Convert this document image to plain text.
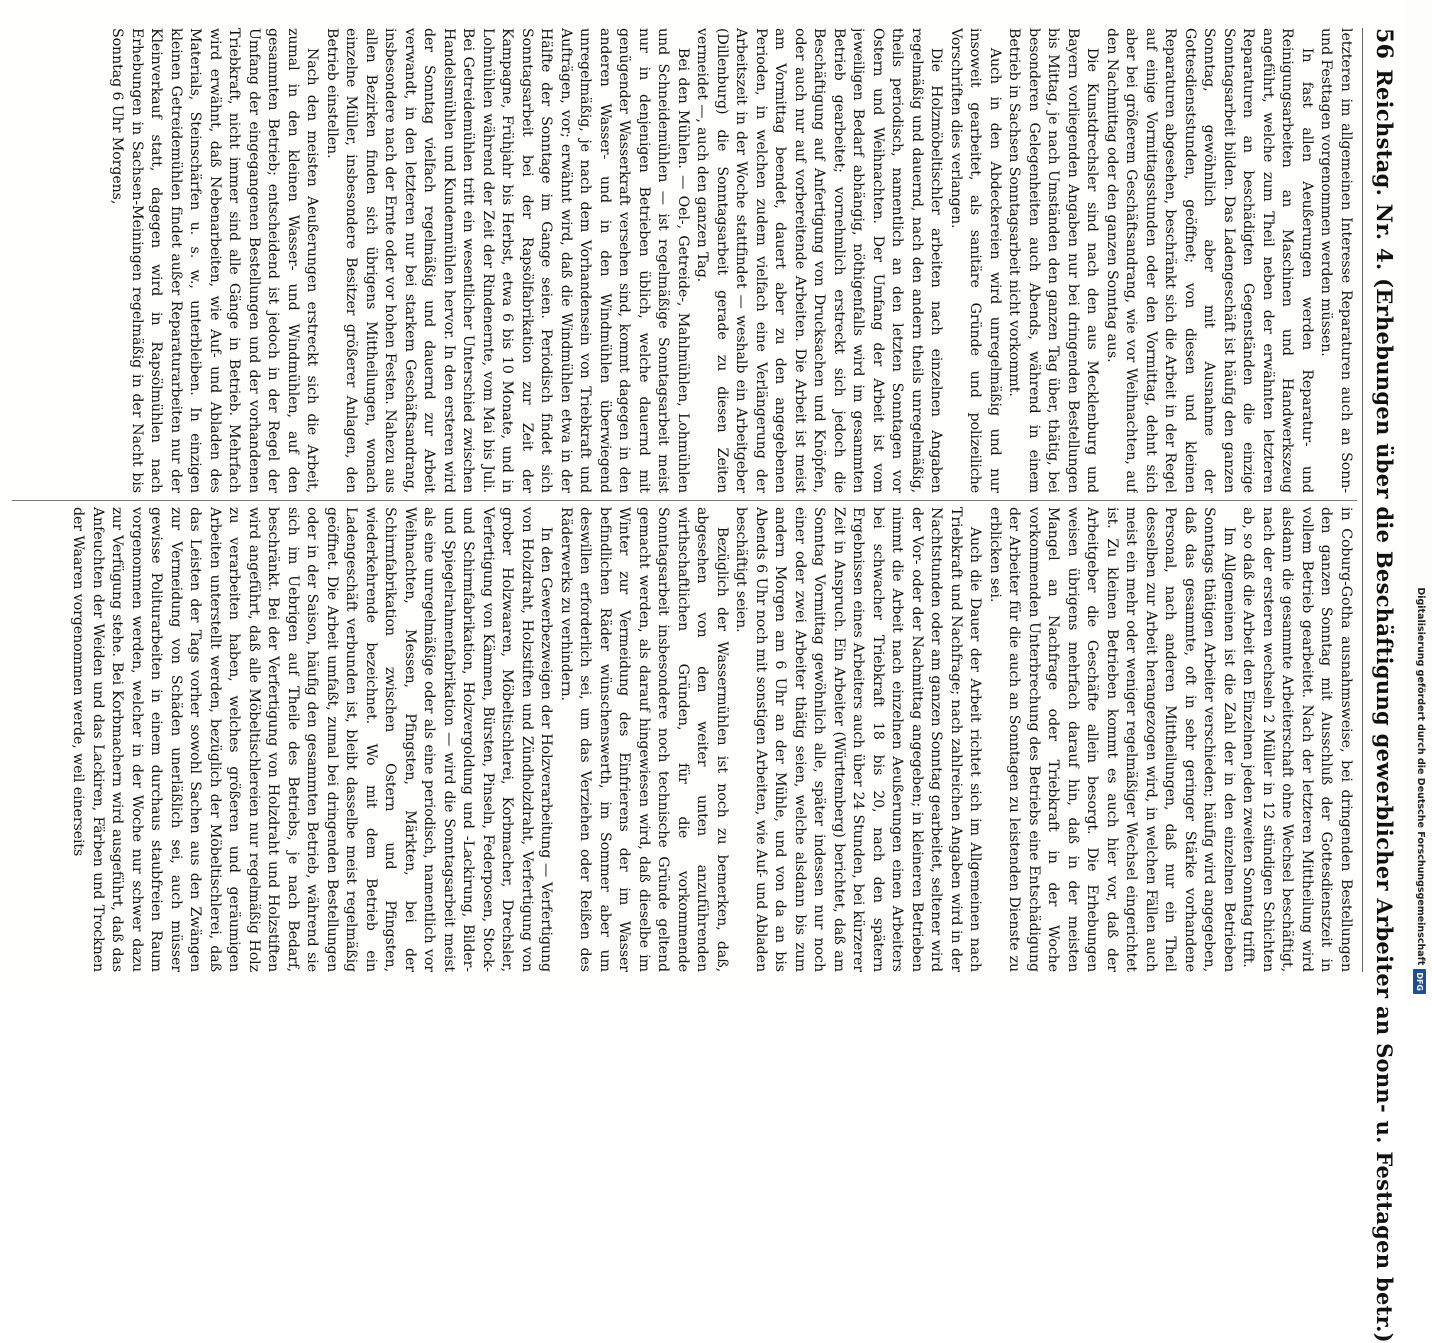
56
Reichstag. Nr. 4. (Erhebungen über die Beschäftigung gewerblicher Arbeiter an Sonn- u. Festtagen betr.)

letzteren im allgemeinen Interesse Reparaturen auch an Sonn- und Festtagen vorgenommen werden müssen.

In fast allen Aeußerungen werden Reparatur- und Reinigungsarbeiten an Maschinen und Handwerkszeug angeführt, welche zum Theil neben der erwähnten letzteren Reparaturen an beschädigten Gegenständen die einzige Sonntagsarbeit bilden. Das Ladengeschäft ist häufig den ganzen Sonntag, gewöhnlich aber mit Ausnahme der Gottesdienststunden, geöffnet; von diesen und kleinen Reparaturen abgesehen, beschränkt sich die Arbeit in der Regel auf einige Vormittagsstunden oder den Vormittag, dehnt sich aber bei größerem Geschäftsandrang, wie vor Weihnachten, auf den Nachmittag oder den ganzen Sonntag aus.

Die Kunstdrechsler sind nach den aus Mecklenburg und Bayern vorliegenden Angaben nur bei dringenden Bestellungen bis Mittag, je nach Umständen den ganzen Tag über, thätig, bei besonderen Gelegenheiten auch Abends, während in einem Betrieb in Sachsen Sonntagsarbeit nicht vorkommt.

Auch in den Abdeckereien wird unregelmäßig und nur insoweit gearbeitet, als sanitäre Gründe und polizeiliche Vorschriften dies verlangen.

Die Holzmöbeltischler arbeiten nach einzelnen Angaben regelmäßig und dauernd, nach den andern theils unregelmäßig, theils periodisch, namentlich an den letzten Sonntagen vor Ostern und Weihnachten. Der Umfang der Arbeit ist vom jeweiligen Bedarf abhängig, nöthigenfalls wird im gesammten Betrieb gearbeitet; vornehmlich erstreckt sich jedoch die Beschäftigung auf Anfertigung von Drucksachen und Knöpfen, oder auch nur auf vorbereitende Arbeiten. Die Arbeit ist meist am Vormittag beendet, dauert aber zu den angegebenen Perioden, in welchen zudem vielfach eine Verlängerung der Arbeitszeit in der Woche stattfindet — weshalb ein Arbeitgeber (Dillenburg) die Sonntagsarbeit gerade zu diesen Zeiten vermeidet —, auch den ganzen Tag.

Bei den Mühlen. — Oel-, Getreide-, Mahlmühlen, Lohmühlen und Schneidemühlen — ist regelmäßige Sonntagsarbeit meist nur in denjenigen Betrieben üblich, welche dauernd mit genügender Wasserkraft versehen sind, kommt dagegen in den anderen Wasser- und in den Windmühlen überwiegend unregelmäßig, je nach dem Vorhandensein von Triebkraft und Aufträgen, vor; erwähnt wird, daß die Windmühlen etwa in der Hälfte der Sonntage im Gange seien. Periodisch findet sich Sonntagsarbeit bei der Rapsölfabrikation zur Zeit der Kampagne, Frühjahr bis Herbst, etwa 6 bis 10 Monate, und in Lohmühlen während der Zeit der Rindenernte, vom Mai bis Juli. Bei Getreidemühlen tritt ein wesentlicher Unterschied zwischen Handelsmühlen und Kundenmühlen hervor. In den ersteren wird der Sonntag vielfach regelmäßig und dauernd zur Arbeit verwandt, in den letzteren nur bei starkem Geschäftsandrang, insbesondere nach der Ernte oder vor hohen Festen. Nahezu aus allen Bezirken finden sich übrigens Mittheilungen, wonach einzelne Müller, insbesondere Besitzer größerer Anlagen, den Betrieb einstellen.

Nach den meisten Aeußerungen erstreckt sich die Arbeit, zumal in den kleinen Wasser- und Windmühlen, auf den gesammten Betrieb; entscheidend ist jedoch in der Regel der Umfang der eingegangenen Bestellungen und der vorhandenen Triebkraft, nicht immer sind alle Gänge in Betrieb. Mehrfach wird erwähnt, daß Nebenarbeiten, wie Auf- und Abladen des Materials, Steinschärfen u. s. w., unterbleiben. In einzigen kleinen Getreidemühlen findet außer Reparaturarbeiten nur der Kleinverkauf statt, dagegen wird in Rapsölmühlen nach Erhebungen in Sachsen-Meiningen regelmäßig in der Nacht bis Sonntag 6 Uhr Morgens,

in Coburg-Gotha ausnahmsweise, bei dringenden Bestellungen den ganzen Sonntag mit Ausschluß der Gottesdienstzeit in vollem Betrieb gearbeitet. Nach der letzteren Mittheilung wird alsdann die gesammte Arbeiterschaft ohne Wechsel beschäftigt, nach der ersteren wechseln 2 Müller in 12 stündigen Schichten ab, so daß die Arbeit den Einzelnen jeden zweiten Sonntag trifft.

Im Allgemeinen ist die Zahl der in den einzelnen Betrieben Sonntags thätigen Arbeiter verschieden; häufig wird angegeben, daß das gesammte, oft in sehr geringer Stärke vorhandene Personal, nach anderen Mittheilungen, daß nur ein Theil desselben zur Arbeit herangezogen wird, in welchen Fällen auch meist ein mehr oder weniger regelmäßiger Wechsel eingerichtet ist. Zu kleinen Betrieben kommt es auch hier vor, daß der Arbeitgeber die Geschäfte allein besorgt. Die Erhebungen weisen übrigens mehrfach darauf hin, daß in der meisten Mangel an Nachfrage oder Triebkraft in der Woche vorkommenden Unterbrechung des Betriebs eine Entschädigung der Arbeiter für die auch an Sonntagen zu leistenden Dienste zu erblicken sei.

Auch die Dauer der Arbeit richtet sich im Allgemeinen nach Triebkraft und Nachfrage; nach zahlreichen Angaben wird in der Nachtstunden oder am ganzen Sonntag gearbeitet, seltener wird der Vor- oder der Nachmittag angegeben; in kleineren Betrieben nimmt die Arbeit nach einzelnen Aeußerungen einen Arbeiters bei schwacher Triebkraft 18 bis 20, nach den spätern Ergebnissen eines Arbeiters auch über 24 Stunden, bei kürzerer Zeit in Anspruch. Ein Arbeiter (Württemberg) berichtet, daß am Sonntag Vormittag gewöhnlich alle, später indessen nur noch einer oder zwei Arbeiter thätig seien, welche alsdann bis zum andern Morgen am 6 Uhr an der Mühle, und von da an bis Abends 6 Uhr noch mit sonstigen Arbeiten, wie Auf- und Abladen beschäftigt seien.

Bezüglich der Wassermühlen ist noch zu bemerken, daß, abgesehen von den weiter unten anzuführenden wirthschaftlichen Gründen, für die vorkommende Sonntagsarbeit insbesondere noch technische Gründe geltend gemacht werden, als darauf hingewiesen wird, daß dieselbe im Winter zur Vermeidung des Einfrierens der im Wasser befindlichen Räder wünschenswerth, im Sommer aber um deswillen erforderlich sei, um das Verziehen oder Reißen des Räderwerks zu verhindern.

In den Gewerbezweigen der Holzverarbeitung — Verfertigung von Holzdraht, Holzstiften und Zündholzdraht, Verfertigung von grober Holzwaaren, Möbeltischlerei, Korbmacher, Drechsler, Verfertigung von Kämmen, Bürsten, Pinseln, Federposen, Stock- und Schirmfabrikation, Holzvergoldung und -Lackirung, Bilder- und Spiegelrahmenfabrikation — wird die Sonntagsarbeit meist als eine unregelmäßige oder als eine periodisch, namentlich vor Weihnachten, Messen, Pfingsten, Märkten, bei der Schirmfabrikation zwischen Ostern und Pfingsten, wiederkehrende bezeichnet. Wo mit dem Betrieb ein Ladengeschäft verbunden ist, bleibt dasselbe meist regelmäßig geöffnet. Die Arbeit umfaßt, zumal bei dringenden Bestellungen oder in der Saison, häufig den gesammten Betrieb, während sie sich im Uebrigen auf Theile des Betriebs, je nach Bedarf, beschränkt. Bei der Verfertigung von Holzdraht und Holzstiften wird angeführt, daß alle Möbeltischlereien nur regelmäßig Holz zu verarbeiten haben, welches größeren und geräumigen Arbeiten unterstellt werden, bezüglich der Möbeltischlerei, daß das Leisten der Tags vorher sowohl Sachen aus den Zwängen zur Vermeidung von Schäden unerläßlich sei, auch müsser gewisse Politurarbeiten in einem durchaus staubfreien Raum vorgenommen werden, welcher in der Woche nur schwer dazu zur Verfügung stehe. Bei Korbmachern wird ausgeführt, daß das Anfeuchten der Weiden und das Lackiren, Färben und Trocknen der Waaren vorgenommen werde, weil einerseits	Digitalisierung gefördert durch die Deutsche Forschungsgemeinschaft
DFG
